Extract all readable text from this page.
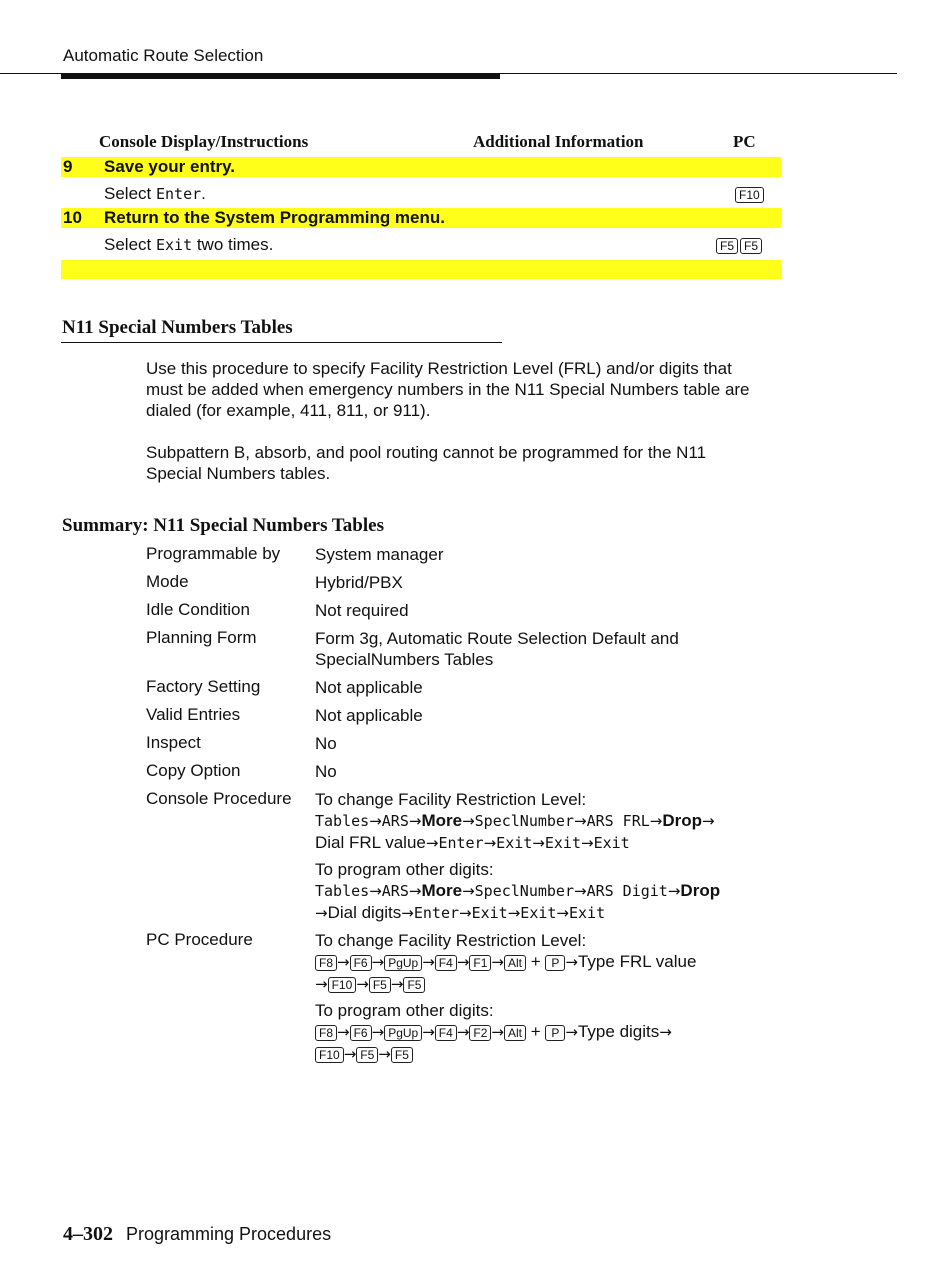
Automatic Route Selection
Console Display/Instructions	Additional Information	PC
9 Save your entry.
Select Enter.	F10
10 Return to the System Programming menu.
Select Exit two times.	F5 F5
N11 Special Numbers Tables
Use this procedure to specify Facility Restriction Level (FRL) and/or digits that
must be added when emergency numbers in the N11 Special Numbers table are
dialed (for example, 411, 811, or 911).
Subpattern B, absorb, and pool routing cannot be programmed for the N11
Special Numbers tables.
Summary: N11 Special Numbers Tables
Programmable by System manager
Mode	Hybrid/PBX
Idle Condition	Not required
Planning Form	Form 3g, Automatic Route Selection Default and
SpecialNumbers Tables
Factory Setting	Not applicable
Valid Entries	Not applicable
Inspect	No
Copy Option	No
Console Procedure To change Facility Restriction Level:
Tables→ARS→More→SpeclNumber→ARS FRL→Drop→
Dial FRL value→Enter→Exit→Exit→Exit
To program other digits:
Tables→ARS→More→SpeclNumber→ARS Digit→Drop
→Dial digits→Enter→Exit→Exit→Exit
PC Procedure	To change Facility Restriction Level:
F8 → F6 → PgUp → F4 → F1 → Alt + P →Type FRL value
→ F10 → F5 → F5
To program other digits:
F8 → F6 → PgUp → F4 → F2 → Alt + P →Type digits→
F10 → F5 → F5
4–302 Programming Procedures
